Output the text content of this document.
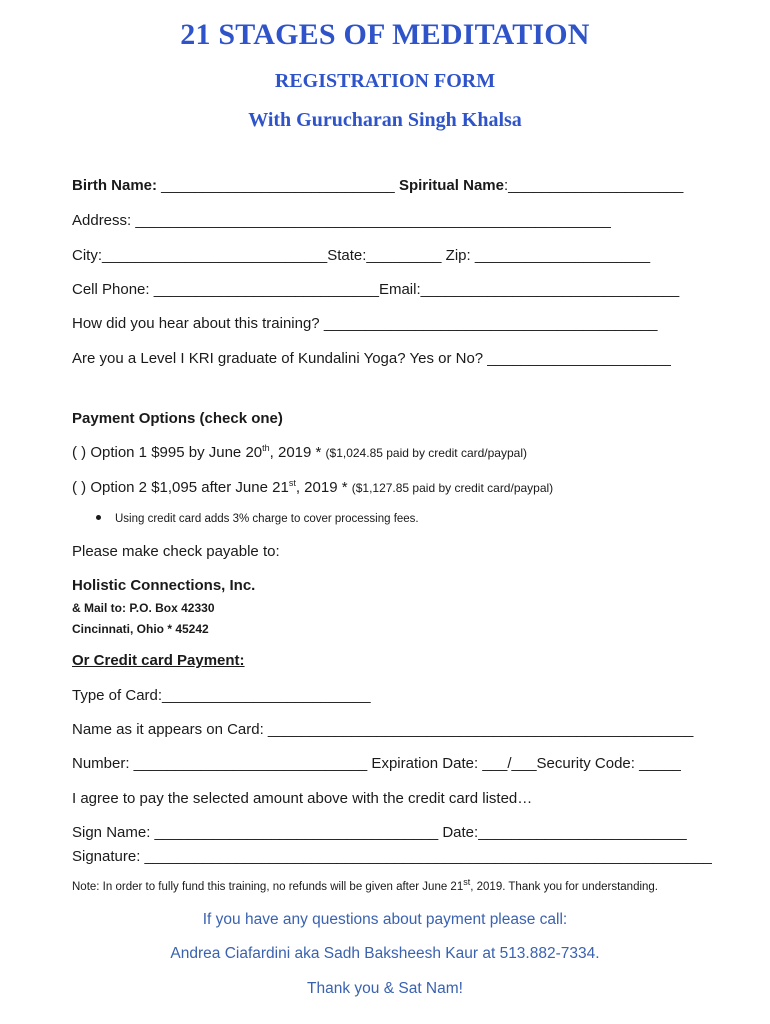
21 STAGES OF MEDITATION
REGISTRATION FORM
With Gurucharan Singh Khalsa
Birth Name: ____________________________ Spiritual Name:_____________________
Address: _________________________________________________________
City:___________________________State:_________ Zip: _____________________
Cell Phone: ___________________________Email:_______________________________
How did you hear about this training? ________________________________________
Are you a Level I KRI graduate of Kundalini Yoga? Yes or No? ______________________
Payment Options (check one)
( ) Option 1 $995 by June 20th, 2019 * ($1,024.85 paid by credit card/paypal)
( ) Option 2 $1,095 after June 21st, 2019 * ($1,127.85 paid by credit card/paypal)
Using credit card adds 3% charge to cover processing fees.
Please make check payable to:
Holistic Connections, Inc.
& Mail to: P.O. Box 42330
Cincinnati, Ohio * 45242
Or Credit card Payment:
Type of Card:_________________________
Name as it appears on Card: ___________________________________________________
Number: ____________________________ Expiration Date: ___/___Security Code: _____
I agree to pay the selected amount above with the credit card listed…
Sign Name: __________________________________ Date:_________________________
Signature: ____________________________________________________________________
Note: In order to fully fund this training, no refunds will be given after June 21st, 2019. Thank you for understanding.
If you have any questions about payment please call:
Andrea Ciafardini aka Sadh Baksheesh Kaur at 513.882-7334.
Thank you & Sat Nam!
